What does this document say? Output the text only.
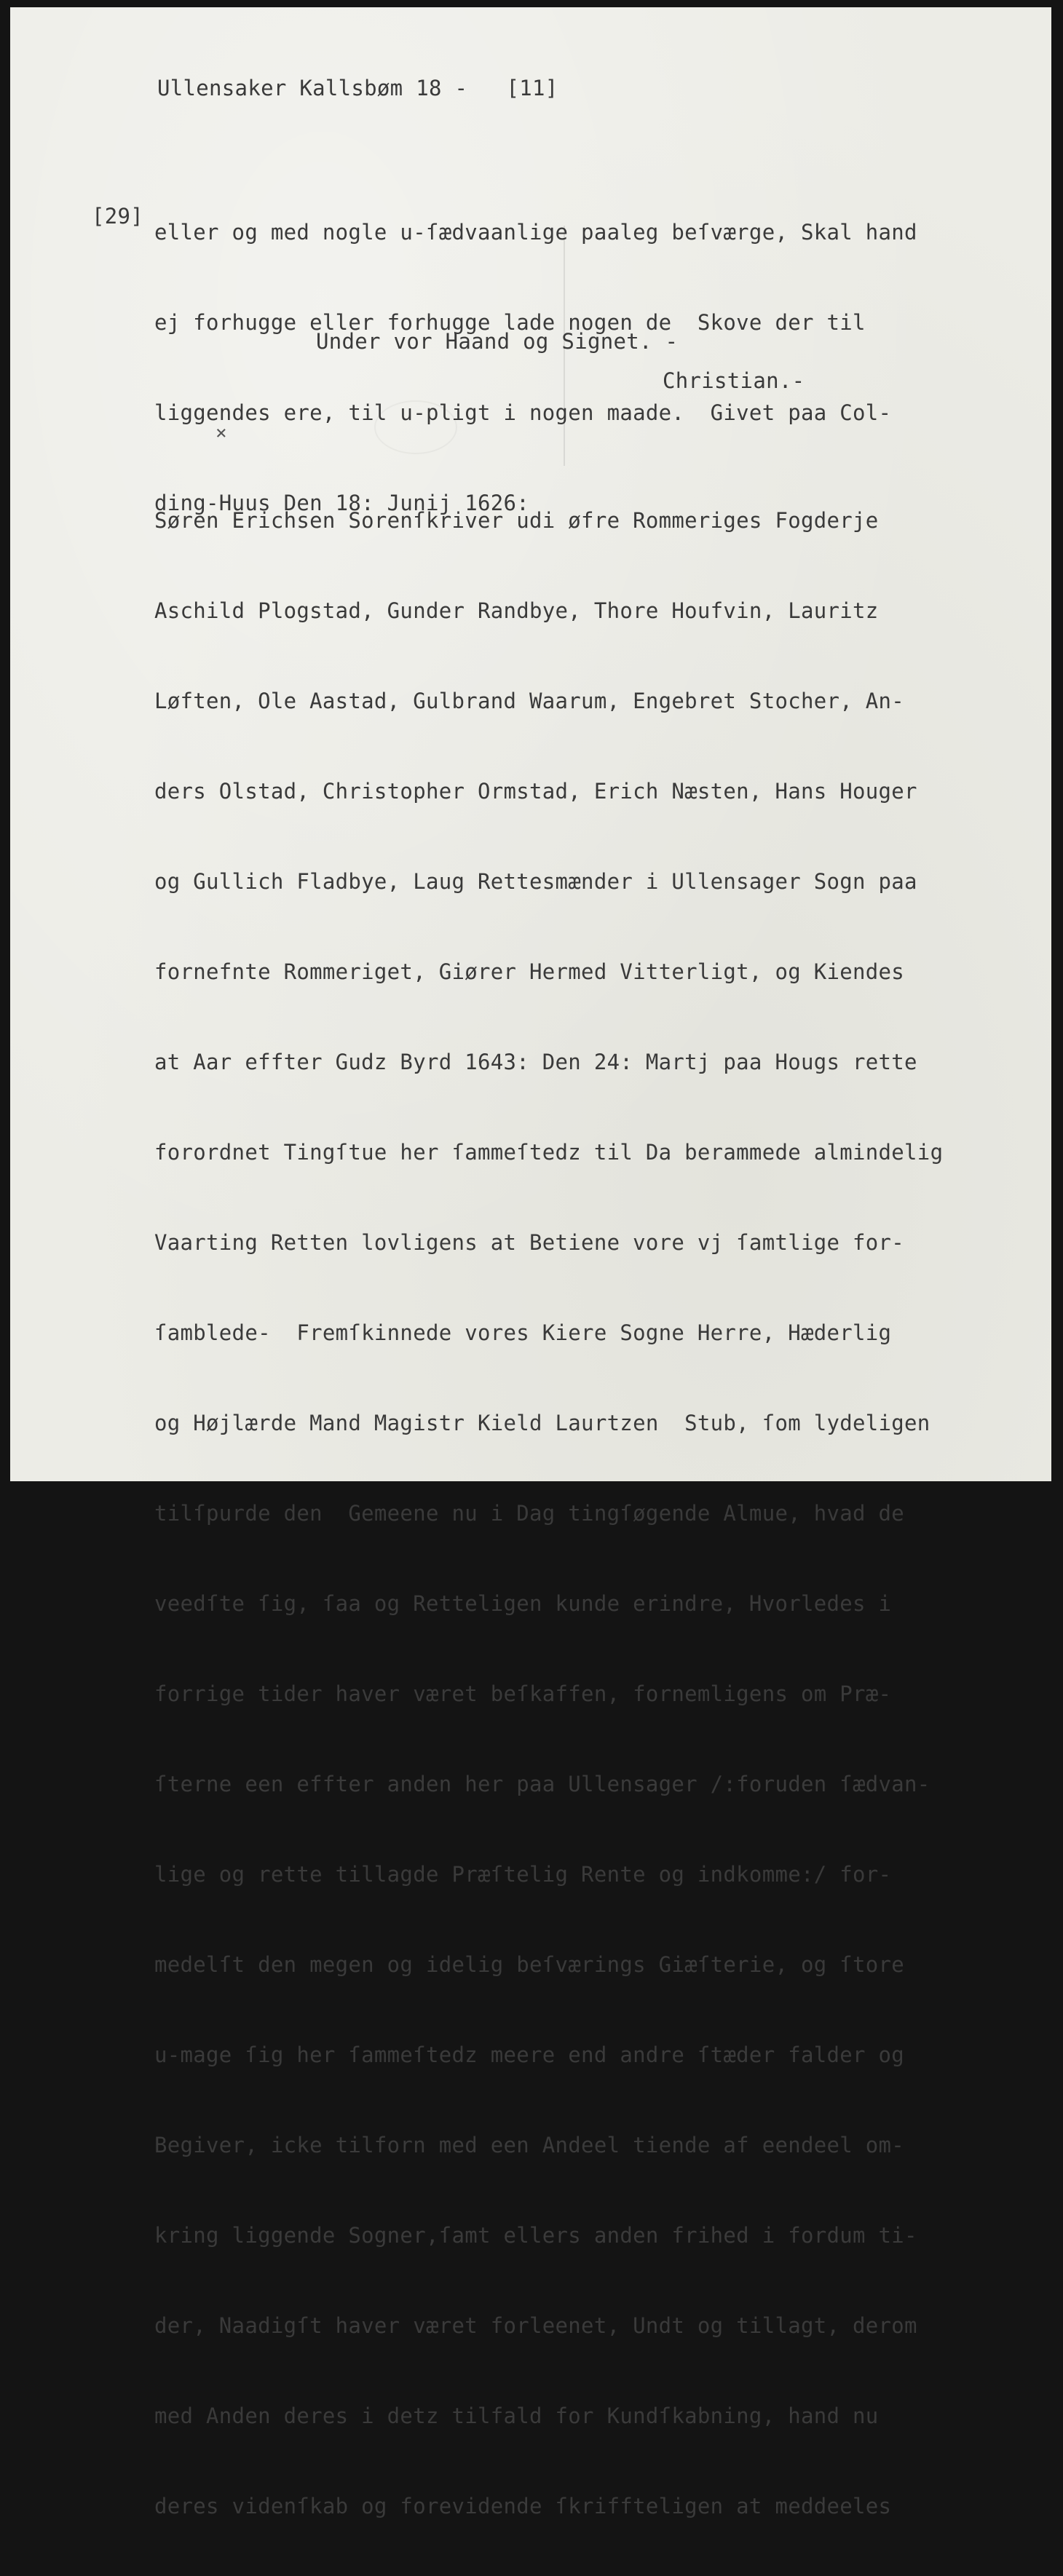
Ullensaker Kallsbøm 18 -   [11]
[29]

eller og med nogle u-ſædvaanlige paaleg beſværge, Skal hand

ej forhugge eller forhugge lade nogen de  Skove der til

liggendes ere, til u-pligt i nogen maade.  Givet paa Col-

ding-Huus Den 18: Junij 1626:

Under vor Haand og Signet. -
Christian.-
×

Søren Erichsen Sorenſkriver udi øfre Rommeriges Fogderje

Aschild Plogstad, Gunder Randbye, Thore Houfvin, Lauritz

Løften, Ole Aastad, Gulbrand Waarum, Engebret Stocher, An-

ders Olstad, Christopher Ormstad, Erich Næsten, Hans Houger

og Gullich Fladbye, Laug Rettesmænder i Ullensager Sogn paa

fornefnte Rommeriget, Giører Hermed Vitterligt, og Kiendes

at Aar effter Gudz Byrd 1643: Den 24: Martj paa Hougs rette

forordnet Tingſtue her ſammeſtedz til Da berammede almindelig

Vaarting Retten lovligens at Betiene vore vj ſamtlige for-

ſamblede-  Fremſkinnede vores Kiere Sogne Herre, Hæderlig

og Højlærde Mand Magistr Kield Laurtzen  Stub, ſom lydeligen

tilſpurde den  Gemeene nu i Dag tingſøgende Almue, hvad de

veedſte ſig, ſaa og Retteligen kunde erindre, Hvorledes i

forrige tider haver været beſkaffen, fornemligens om Præ-

ſterne een effter anden her paa Ullensager /:foruden ſædvan-

lige og rette tillagde Præſtelig Rente og indkomme:/ for-

medelſt den megen og idelig beſværings Giæſterie, og ſtore

u-mage ſig her ſammeſtedz meere end andre ſtæder falder og

Begiver, icke tilforn med een Andeel tiende af eendeel om-

kring liggende Sogner,ſamt ellers anden frihed i fordum ti-

der, Naadigſt haver været forleenet, Undt og tillagt, derom

med Anden deres i detz tilfald for Kundſkabning, hand nu

deres videnſkab og forevidende ſkriffteligen at meddeeles
